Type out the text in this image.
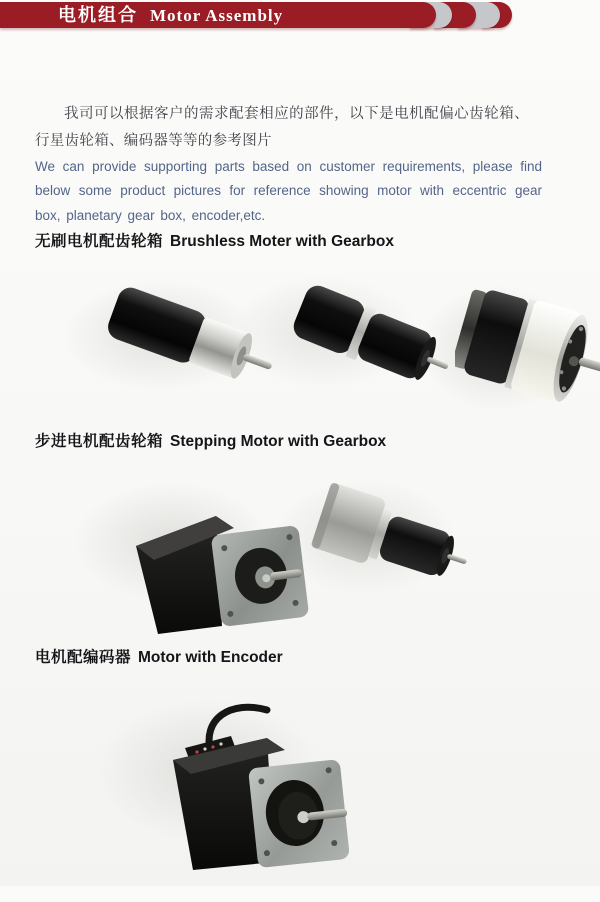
电机组合 Motor Assembly

我司可以根据客户的需求配套相应的部件，以下是电机配偏心齿轮箱、行星齿轮箱、编码器等等的参考图片

We can provide supporting parts based on customer requirements, please find below some product pictures for reference showing motor with eccentric gear box, planetary gear box, encoder,etc.

无刷电机配齿轮箱 Brushless Moter with Gearbox
步进电机配齿轮箱 Stepping Motor with Gearbox
电机配编码器 Motor with Encoder
